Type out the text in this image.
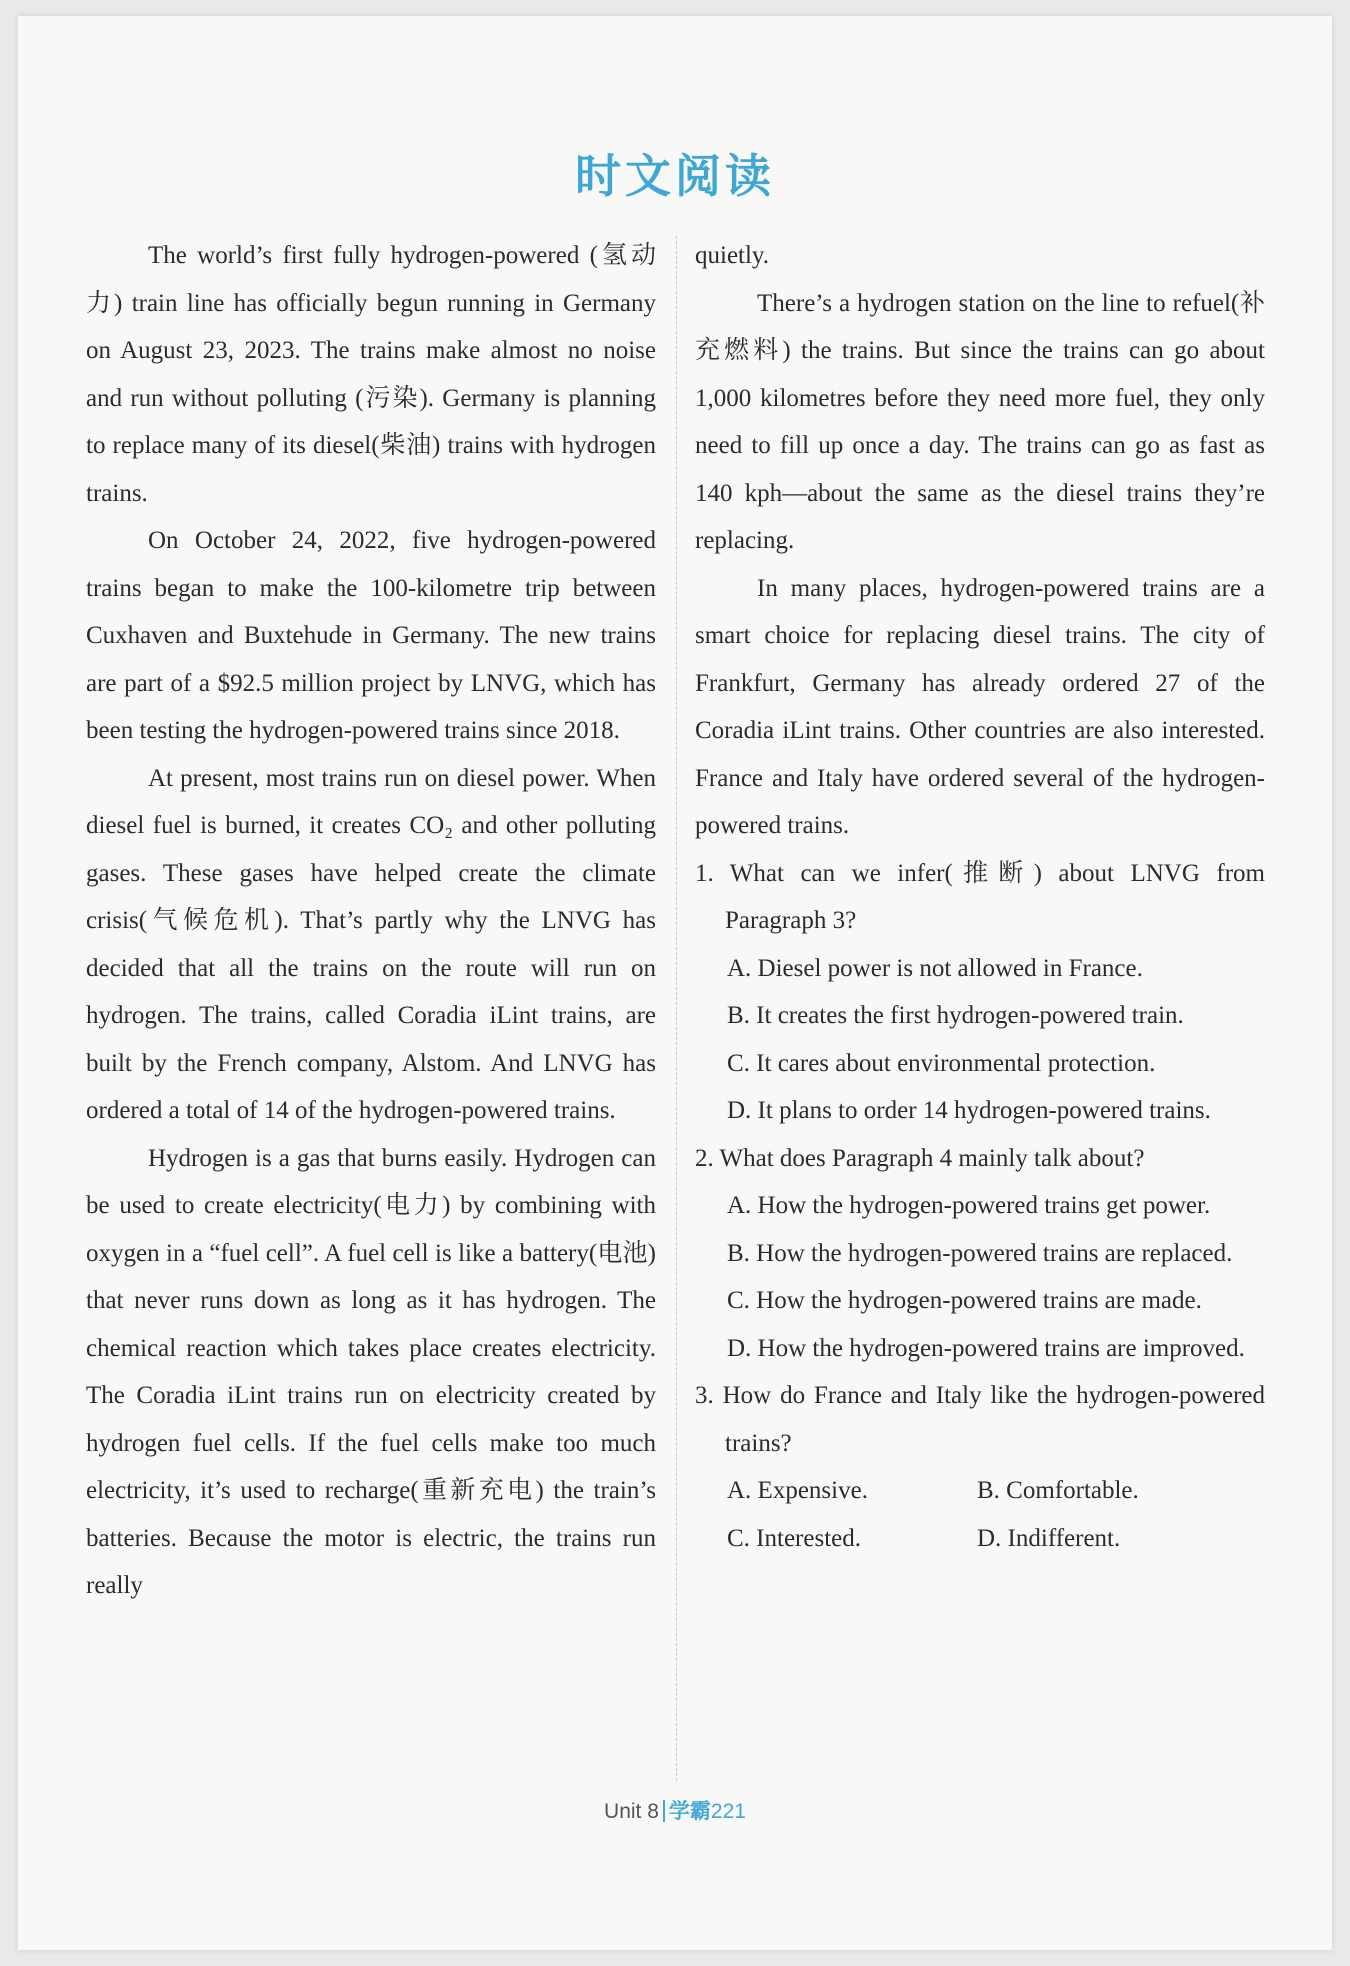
时文阅读

The world’s first fully hydrogen-powered (氢动力) train line has officially begun running in Germany on August 23, 2023. The trains make almost no noise and run without polluting (污染). Germany is planning to replace many of its diesel(柴油) trains with hydrogen trains.

On October 24, 2022, five hydrogen-powered trains began to make the 100-kilometre trip between Cuxhaven and Buxtehude in Germany. The new trains are part of a $92.5 million project by LNVG, which has been testing the hydrogen-powered trains since 2018.

At present, most trains run on diesel power. When diesel fuel is burned, it creates CO₂ and other polluting gases. These gases have helped create the climate crisis(气候危机). That’s partly why the LNVG has decided that all the trains on the route will run on hydrogen. The trains, called Coradia iLint trains, are built by the French company, Alstom. And LNVG has ordered a total of 14 of the hydrogen-powered trains.

Hydrogen is a gas that burns easily. Hydrogen can be used to create electricity(电力) by combining with oxygen in a “fuel cell”. A fuel cell is like a battery(电池) that never runs down as long as it has hydrogen. The chemical reaction which takes place creates electricity. The Coradia iLint trains run on electricity created by hydrogen fuel cells. If the fuel cells make too much electricity, it’s used to recharge(重新充电) the train’s batteries. Because the motor is electric, the trains run really

quietly.

There’s a hydrogen station on the line to refuel(补充燃料) the trains. But since the trains can go about 1,000 kilometres before they need more fuel, they only need to fill up once a day. The trains can go as fast as 140 kph—about the same as the diesel trains they’re replacing.

In many places, hydrogen-powered trains are a smart choice for replacing diesel trains. The city of Frankfurt, Germany has already ordered 27 of the Coradia iLint trains. Other countries are also interested. France and Italy have ordered several of the hydrogen-powered trains.

1. What can we infer(推断) about LNVG from Paragraph 3?

A. Diesel power is not allowed in France.

B. It creates the first hydrogen-powered train.

C. It cares about environmental protection.

D. It plans to order 14 hydrogen-powered trains.

2. What does Paragraph 4 mainly talk about?

A. How the hydrogen-powered trains get power.

B. How the hydrogen-powered trains are replaced.

C. How the hydrogen-powered trains are made.

D. How the hydrogen-powered trains are improved.

3. How do France and Italy like the hydrogen-powered trains?

A. Expensive.	B. Comfortable.
C. Interested.	D. Indifferent.
Unit 8 学霸221
